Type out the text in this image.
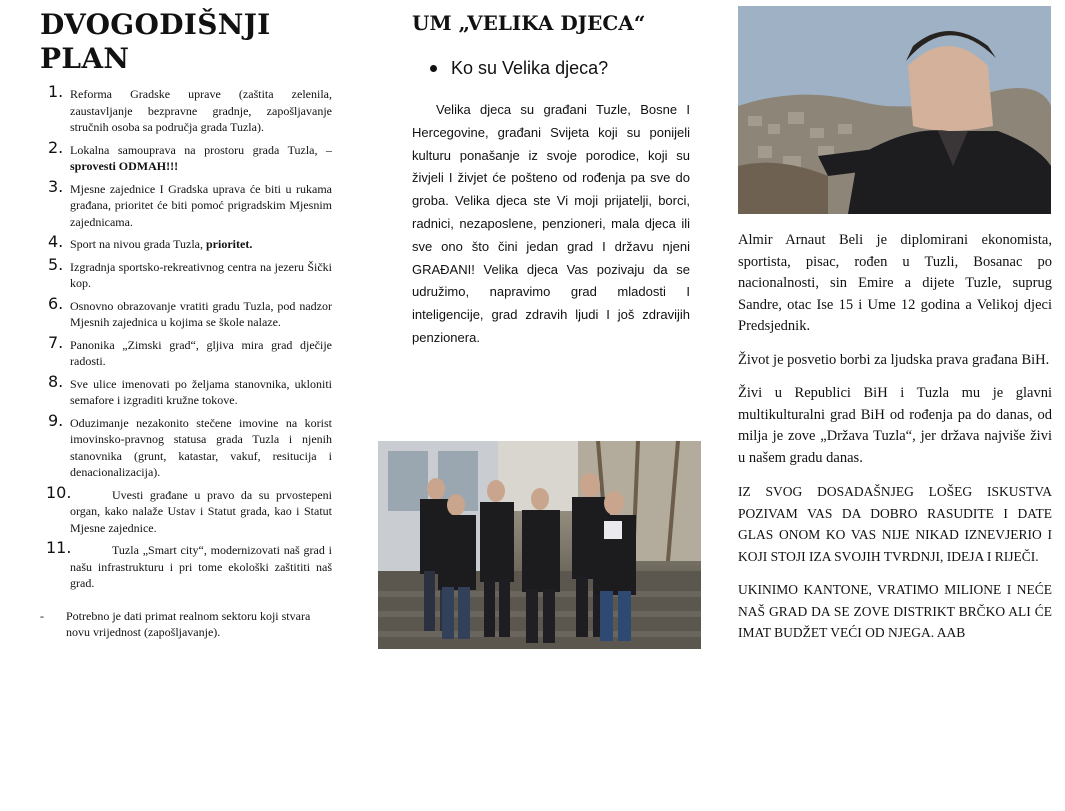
DVOGODIŠNJI PLAN
1. Reforma Gradske uprave (zaštita zelenila, zaustavljanje bezpravne gradnje, zapošljavanje stručnih osoba sa područja grada Tuzla).
2. Lokalna samouprava na prostoru grada Tuzla, – sprovesti ODMAH!!!
3. Mjesne zajednice I Gradska uprava će biti u rukama građana, prioritet će biti pomoć prigradskim Mjesnim zajednicama.
4. Sport na nivou grada Tuzla, prioritet.
5. Izgradnja sportsko-rekreativnog centra na jezeru Šički kop.
6. Osnovno obrazovanje vratiti gradu Tuzla, pod nadzor Mjesnih zajednica u kojima se škole nalaze.
7. Panonika „Zimski grad“, gljiva mira grad dječije radosti.
8. Sve ulice imenovati po željama stanovnika, ukloniti semafore i izgraditi kružne tokove.
9. Oduzimanje nezakonito stečene imovine na korist imovinsko-pravnog statusa grada Tuzla i njenih stanovnika (grunt, katastar, vakuf, resitucija i denacionalizacija).
10.	Uvesti građane u pravo da su prvostepeni organ, kako nalaže Ustav i Statut grada, kao i Statut Mjesne zajednice.
11.	Tuzla „Smart city“, modernizovati naš grad i našu infrastrukturu i pri tome ekološki zaštititi naš grad.
- Potrebno je dati primat realnom sektoru koji stvara novu vrijednost (zapošljavanje).
UM „VELIKA DJECA“
Ko su Velika djeca?

Velika djeca su građani Tuzle, Bosne I Hercegovine, građani Svijeta koji su ponijeli kulturu ponašanje iz svoje porodice, koji su živjeli I živjet će pošteno od rođenja pa sve do groba. Velika djeca ste Vi moji prijatelji, borci, radnici, nezaposlene, penzioneri, mala djeca ili sve ono što čini jedan grad I državu njeni GRAĐANI! Velika djeca Vas pozivaju da se udružimo, napravimo grad mladosti I inteligencije, grad zdravih ljudi I još zdravijih penzionera.

Almir Arnaut Beli je diplomirani ekonomista, sportista, pisac, rođen u Tuzli, Bosanac po nacionalnosti, sin Emire a dijete Tuzle, suprug Sandre, otac Ise 15 i Ume 12 godina a Velikoj djeci Predsjednik.

Život je posvetio borbi za ljudska prava građana BiH.

Živi u Republici BiH i Tuzla mu je glavni multikulturalni grad BiH od rođenja pa do danas, od milja je zove „Država Tuzla“, jer država najviše živi u našem gradu danas.

IZ SVOG DOSADAŠNJEG LOŠEG ISKUSTVA POZIVAM VAS DA DOBRO RASUDITE I DATE GLAS ONOM KO VAS NIJE NIKAD IZNEVJERIO I KOJI STOJI IZA SVOJIH TVRDNJI, IDEJA I RIJEČI.

UKINIMO KANTONE, VRATIMO MILIONE I NEĆE NAŠ GRAD DA SE ZOVE DISTRIKT BRČKO ALI ĆE IMAT BUDŽET VEĆI OD NJEGA. AAB
